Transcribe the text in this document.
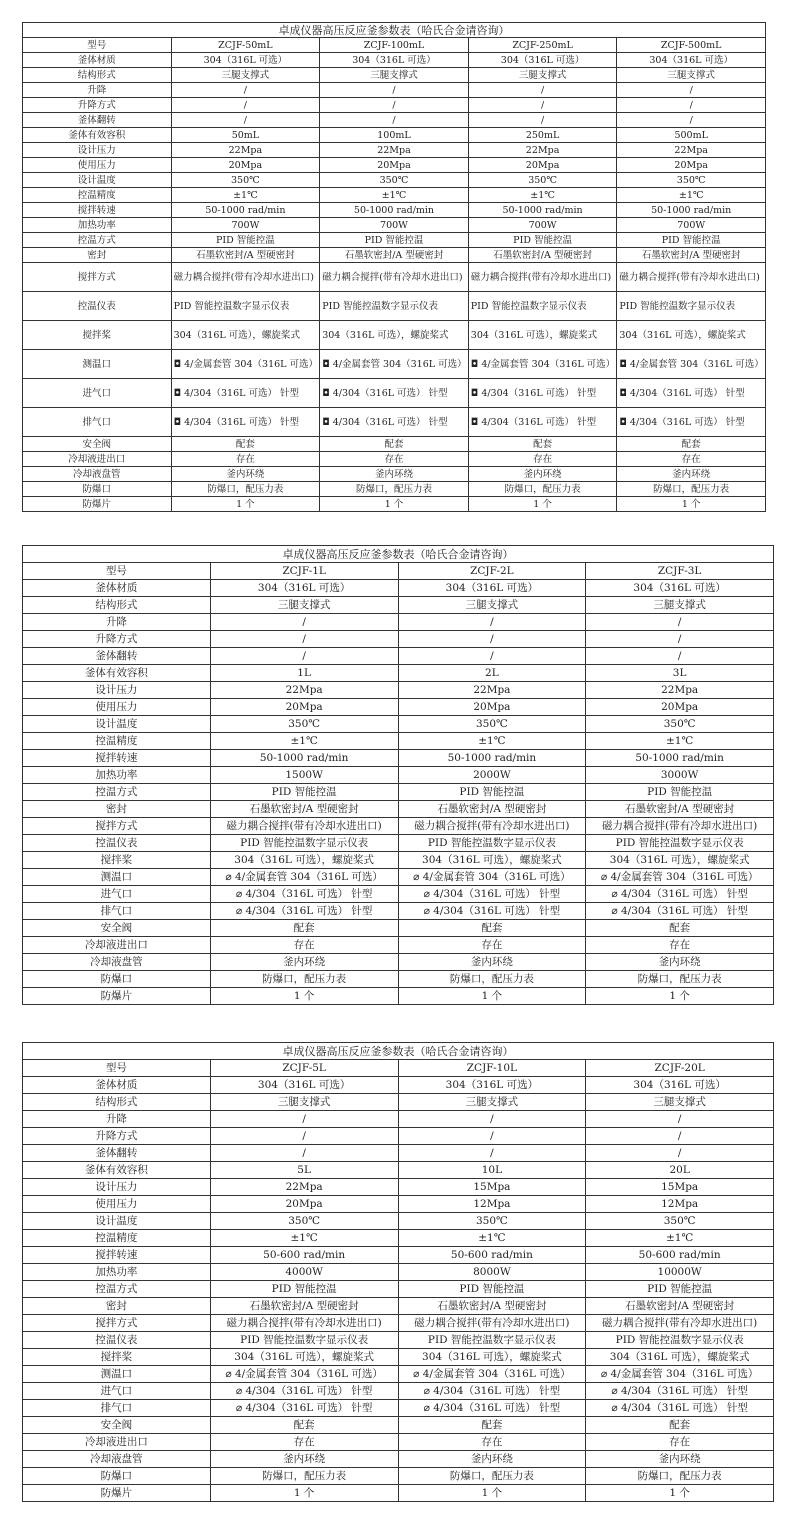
卓成仪器高压反应釜参数表（哈氏合金请咨询）				
型号	ZCJF-50mL	ZCJF-100mL	ZCJF-250mL	ZCJF-500mL
釜体材质	304（316L 可选）	304（316L 可选）	304（316L 可选）	304（316L 可选）
结构形式	三腿支撑式	三腿支撑式	三腿支撑式	三腿支撑式
升降	/	/	/	/
升降方式	/	/	/	/
釜体翻转	/	/	/	/
釜体有效容积	50mL	100mL	250mL	500mL
设计压力	22Mpa	22Mpa	22Mpa	22Mpa
使用压力	20Mpa	20Mpa	20Mpa	20Mpa
设计温度	350℃	350℃	350℃	350℃
控温精度	±1℃	±1℃	±1℃	±1℃
搅拌转速	50-1000 rad/min	50-1000 rad/min	50-1000 rad/min	50-1000 rad/min
加热功率	700W	700W	700W	700W
控温方式	PID 智能控温	PID 智能控温	PID 智能控温	PID 智能控温
密封	石墨软密封/A 型硬密封	石墨软密封/A 型硬密封	石墨软密封/A 型硬密封	石墨软密封/A 型硬密封
搅拌方式	磁力耦合搅拌(带有冷却水进出口)	磁力耦合搅拌(带有冷却水进出口)	磁力耦合搅拌(带有冷却水进出口)	磁力耦合搅拌(带有冷却水进出口)
控温仪表	PID 智能控温数字显示仪表	PID 智能控温数字显示仪表	PID 智能控温数字显示仪表	PID 智能控温数字显示仪表
搅拌桨	304（316L 可选），螺旋桨式	304（316L 可选），螺旋桨式	304（316L 可选），螺旋桨式	304（316L 可选），螺旋桨式
测温口	◘ 4/金属套管 304（316L 可选）	◘ 4/金属套管 304（316L 可选）	◘ 4/金属套管 304（316L 可选）	◘ 4/金属套管 304（316L 可选）
进气口	◘ 4/304（316L 可选） 针型	◘ 4/304（316L 可选） 针型	◘ 4/304（316L 可选） 针型	◘ 4/304（316L 可选） 针型
排气口	◘ 4/304（316L 可选） 针型	◘ 4/304（316L 可选） 针型	◘ 4/304（316L 可选） 针型	◘ 4/304（316L 可选） 针型
安全阀	配套	配套	配套	配套
冷却液进出口	存在	存在	存在	存在
冷却液盘管	釜内环绕	釜内环绕	釜内环绕	釜内环绕
防爆口	防爆口，配压力表	防爆口，配压力表	防爆口，配压力表	防爆口，配压力表
防爆片	1 个	1 个	1 个	1 个
卓成仪器高压反应釜参数表（哈氏合金请咨询）			
型号	ZCJF-1L	ZCJF-2L	ZCJF-3L
釜体材质	304（316L 可选）	304（316L 可选）	304（316L 可选）
结构形式	三腿支撑式	三腿支撑式	三腿支撑式
升降	/	/	/
升降方式	/	/	/
釜体翻转	/	/	/
釜体有效容积	1L	2L	3L
设计压力	22Mpa	22Mpa	22Mpa
使用压力	20Mpa	20Mpa	20Mpa
设计温度	350℃	350℃	350℃
控温精度	±1℃	±1℃	±1℃
搅拌转速	50-1000 rad/min	50-1000 rad/min	50-1000 rad/min
加热功率	1500W	2000W	3000W
控温方式	PID 智能控温	PID 智能控温	PID 智能控温
密封	石墨软密封/A 型硬密封	石墨软密封/A 型硬密封	石墨软密封/A 型硬密封
搅拌方式	磁力耦合搅拌(带有冷却水进出口)	磁力耦合搅拌(带有冷却水进出口)	磁力耦合搅拌(带有冷却水进出口)
控温仪表	PID 智能控温数字显示仪表	PID 智能控温数字显示仪表	PID 智能控温数字显示仪表
搅拌桨	304（316L 可选），螺旋桨式	304（316L 可选），螺旋桨式	304（316L 可选），螺旋桨式
测温口	⌀ 4/金属套管 304（316L 可选）	⌀ 4/金属套管 304（316L 可选）	⌀ 4/金属套管 304（316L 可选）
进气口	⌀ 4/304（316L 可选） 针型	⌀ 4/304（316L 可选） 针型	⌀ 4/304（316L 可选） 针型
排气口	⌀ 4/304（316L 可选） 针型	⌀ 4/304（316L 可选） 针型	⌀ 4/304（316L 可选） 针型
安全阀	配套	配套	配套
冷却液进出口	存在	存在	存在
冷却液盘管	釜内环绕	釜内环绕	釜内环绕
防爆口	防爆口，配压力表	防爆口，配压力表	防爆口，配压力表
防爆片	1 个	1 个	1 个
卓成仪器高压反应釜参数表（哈氏合金请咨询）			
型号	ZCJF-5L	ZCJF-10L	ZCJF-20L
釜体材质	304（316L 可选）	304（316L 可选）	304（316L 可选）
结构形式	三腿支撑式	三腿支撑式	三腿支撑式
升降	/	/	/
升降方式	/	/	/
釜体翻转	/	/	/
釜体有效容积	5L	10L	20L
设计压力	22Mpa	15Mpa	15Mpa
使用压力	20Mpa	12Mpa	12Mpa
设计温度	350℃	350℃	350℃
控温精度	±1℃	±1℃	±1℃
搅拌转速	50-600 rad/min	50-600 rad/min	50-600 rad/min
加热功率	4000W	8000W	10000W
控温方式	PID 智能控温	PID 智能控温	PID 智能控温
密封	石墨软密封/A 型硬密封	石墨软密封/A 型硬密封	石墨软密封/A 型硬密封
搅拌方式	磁力耦合搅拌(带有冷却水进出口)	磁力耦合搅拌(带有冷却水进出口)	磁力耦合搅拌(带有冷却水进出口)
控温仪表	PID 智能控温数字显示仪表	PID 智能控温数字显示仪表	PID 智能控温数字显示仪表
搅拌桨	304（316L 可选），螺旋桨式	304（316L 可选），螺旋桨式	304（316L 可选），螺旋桨式
测温口	⌀ 4/金属套管 304（316L 可选）	⌀ 4/金属套管 304（316L 可选）	⌀ 4/金属套管 304（316L 可选）
进气口	⌀ 4/304（316L 可选） 针型	⌀ 4/304（316L 可选） 针型	⌀ 4/304（316L 可选） 针型
排气口	⌀ 4/304（316L 可选） 针型	⌀ 4/304（316L 可选） 针型	⌀ 4/304（316L 可选） 针型
安全阀	配套	配套	配套
冷却液进出口	存在	存在	存在
冷却液盘管	釜内环绕	釜内环绕	釜内环绕
防爆口	防爆口，配压力表	防爆口，配压力表	防爆口，配压力表
防爆片	1 个	1 个	1 个
